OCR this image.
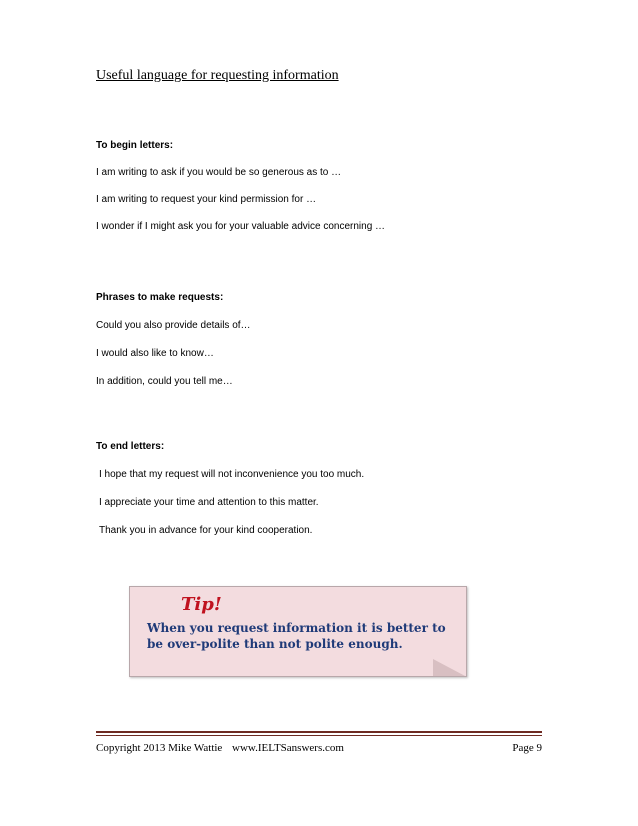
Useful language for requesting information

To begin letters:

I am writing to ask if you would be so generous as to …

I am writing to request your kind permission for …

I wonder if I might ask you for your valuable advice concerning …

Phrases to make requests:

Could you also provide details of…

I would also like to know…

In addition, could you tell me…

To end letters:

I hope that my request will not inconvenience you too much.

I appreciate your time and attention to this matter.

Thank you in advance for your kind cooperation.

Tip!
When you request information it is better to be over-polite than not polite enough.
Copyright 2013 Mike Wattie www.IELTSanswers.com	Page 9
